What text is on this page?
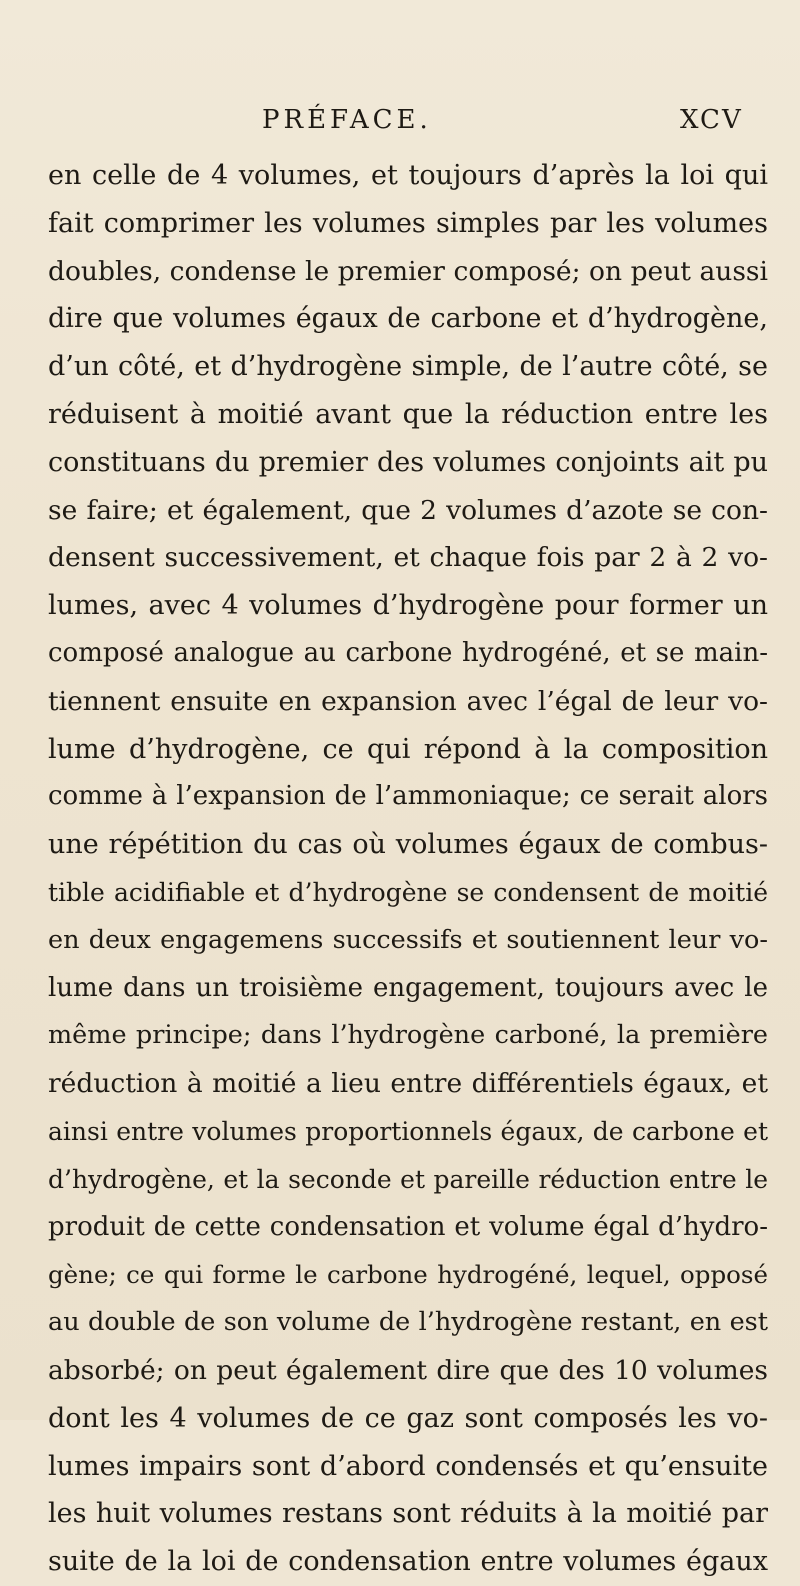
PRÉFACE.	XCV
en celle de 4 volumes, et toujours d’après la loi qui
fait comprimer les volumes simples par les volumes
doubles, condense le premier composé; on peut aussi
dire que volumes égaux de carbone et d’hydrogène,
d’un côté, et d’hydrogène simple, de l’autre côté, se
réduisent à moitié avant que la réduction entre les
constituans du premier des volumes conjoints ait pu
se faire; et également, que 2 volumes d’azote se con-
densent successivement, et chaque fois par 2 à 2 vo-
lumes, avec 4 volumes d’hydrogène pour former un
composé analogue au carbone hydrogéné, et se main-
tiennent ensuite en expansion avec l’égal de leur vo-
lume d’hydrogène, ce qui répond à la composition
comme à l’expansion de l’ammoniaque; ce serait alors
une répétition du cas où volumes égaux de combus-
tible acidifiable et d’hydrogène se condensent de moitié
en deux engagemens successifs et soutiennent leur vo-
lume dans un troisième engagement, toujours avec le
même principe; dans l’hydrogène carboné, la première
réduction à moitié a lieu entre différentiels égaux, et
ainsi entre volumes proportionnels égaux, de carbone et
d’hydrogène, et la seconde et pareille réduction entre le
produit de cette condensation et volume égal d’hydro-
gène; ce qui forme le carbone hydrogéné, lequel, opposé
au double de son volume de l’hydrogène restant, en est
absorbé; on peut également dire que des 10 volumes
dont les 4 volumes de ce gaz sont composés les vo-
lumes impairs sont d’abord condensés et qu’ensuite
les huit volumes restans sont réduits à la moitié par
suite de la loi de condensation entre volumes égaux
